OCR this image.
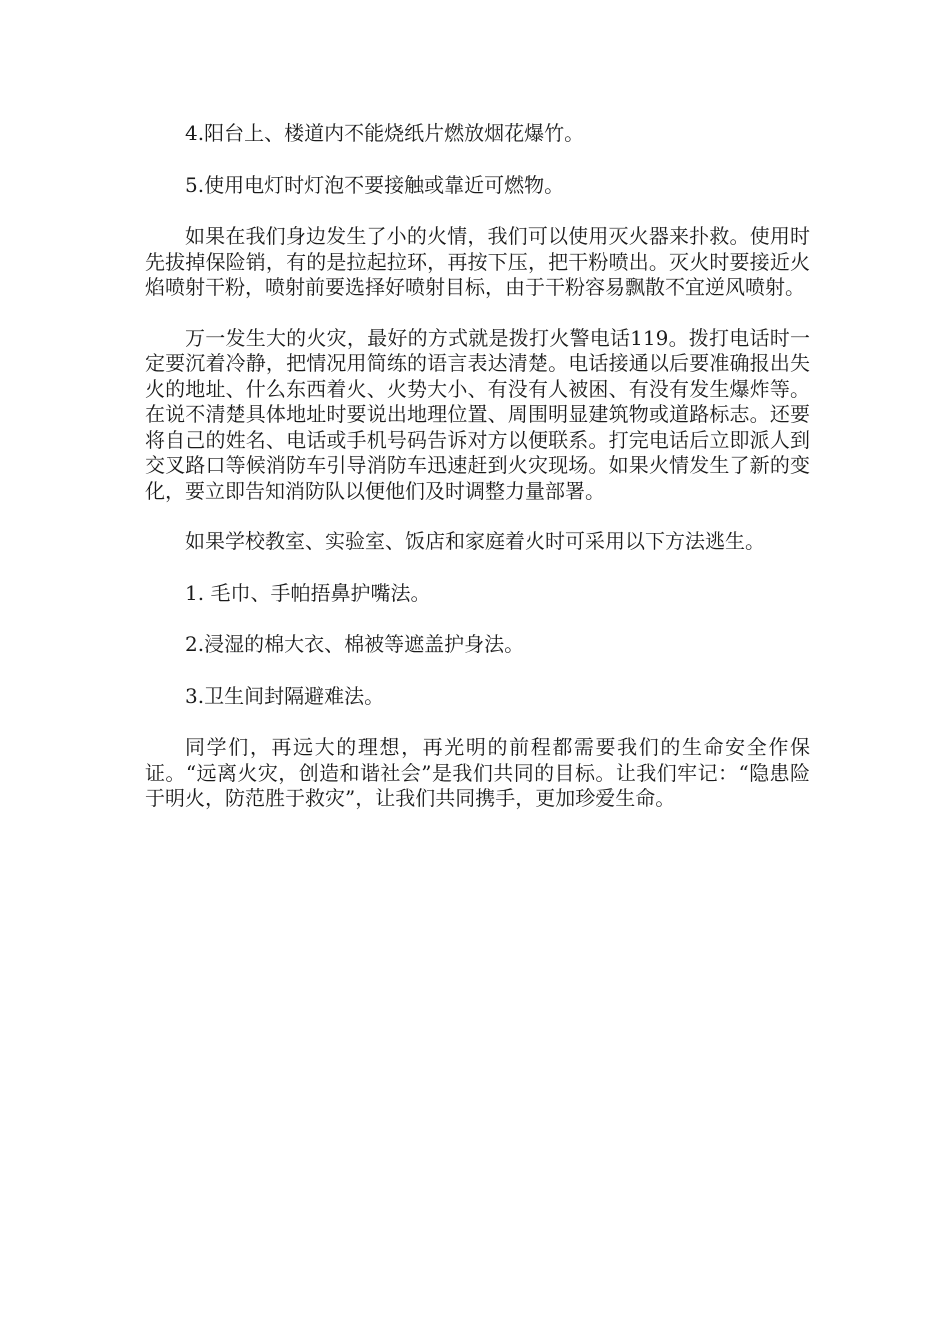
4.阳台上、楼道内不能烧纸片燃放烟花爆竹。

5.使用电灯时灯泡不要接触或靠近可燃物。

如果在我们身边发生了小的火情，我们可以使用灭火器来扑救。使用时先拔掉保险销，有的是拉起拉环，再按下压，把干粉喷出。灭火时要接近火焰喷射干粉，喷射前要选择好喷射目标，由于干粉容易飘散不宜逆风喷射。

万一发生大的火灾，最好的方式就是拨打火警电话119。拨打电话时一定要沉着冷静，把情况用简练的语言表达清楚。电话接通以后要准确报出失火的地址、什么东西着火、火势大小、有没有人被困、有没有发生爆炸等。在说不清楚具体地址时要说出地理位置、周围明显建筑物或道路标志。还要将自己的姓名、电话或手机号码告诉对方以便联系。打完电话后立即派人到交叉路口等候消防车引导消防车迅速赶到火灾现场。如果火情发生了新的变化，要立即告知消防队以便他们及时调整力量部署。

如果学校教室、实验室、饭店和家庭着火时可采用以下方法逃生。

1. 毛巾、手帕捂鼻护嘴法。

2.浸湿的棉大衣、棉被等遮盖护身法。

3.卫生间封隔避难法。

同学们，再远大的理想，再光明的前程都需要我们的生命安全作保证。“远离火灾，创造和谐社会”是我们共同的目标。让我们牢记：“隐患险于明火，防范胜于救灾”，让我们共同携手，更加珍爱生命。
